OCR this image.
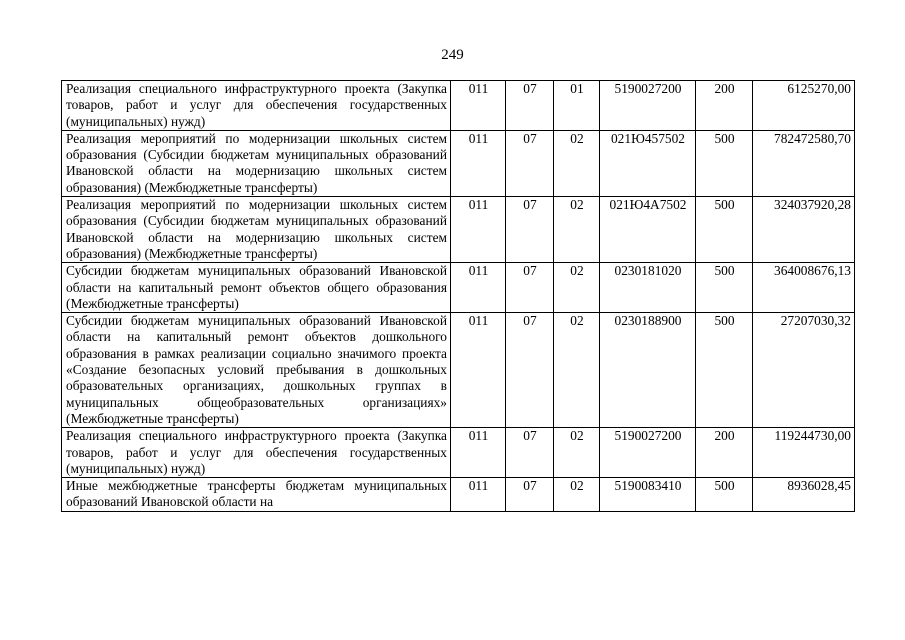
249
Реализация специального инфраструктурного проекта (Закупка товаров, работ и услуг для обеспечения государственных (муниципальных) нужд)	011	07	01	5190027200	200	6125270,00
Реализация мероприятий по модернизации школьных систем образования (Субсидии бюджетам муниципальных образований Ивановской области на модернизацию школьных систем образования) (Межбюджетные трансферты)	011	07	02	021Ю457502	500	782472580,70
Реализация мероприятий по модернизации школьных систем образования (Субсидии бюджетам муниципальных образований Ивановской области на модернизацию школьных систем образования) (Межбюджетные трансферты)	011	07	02	021Ю4А7502	500	324037920,28
Субсидии бюджетам муниципальных образований Ивановской области на капитальный ремонт объектов общего образования (Межбюджетные трансферты)	011	07	02	0230181020	500	364008676,13
Субсидии бюджетам муниципальных образований Ивановской области на капитальный ремонт объектов дошкольного образования в рамках реализации социально значимого проекта «Создание безопасных условий пребывания в дошкольных образовательных организациях, дошкольных группах в муниципальных общеобразовательных организациях» (Межбюджетные трансферты)	011	07	02	0230188900	500	27207030,32
Реализация специального инфраструктурного проекта (Закупка товаров, работ и услуг для обеспечения государственных (муниципальных) нужд)	011	07	02	5190027200	200	119244730,00
Иные межбюджетные трансферты бюджетам муниципальных образований Ивановской области на	011	07	02	5190083410	500	8936028,45
